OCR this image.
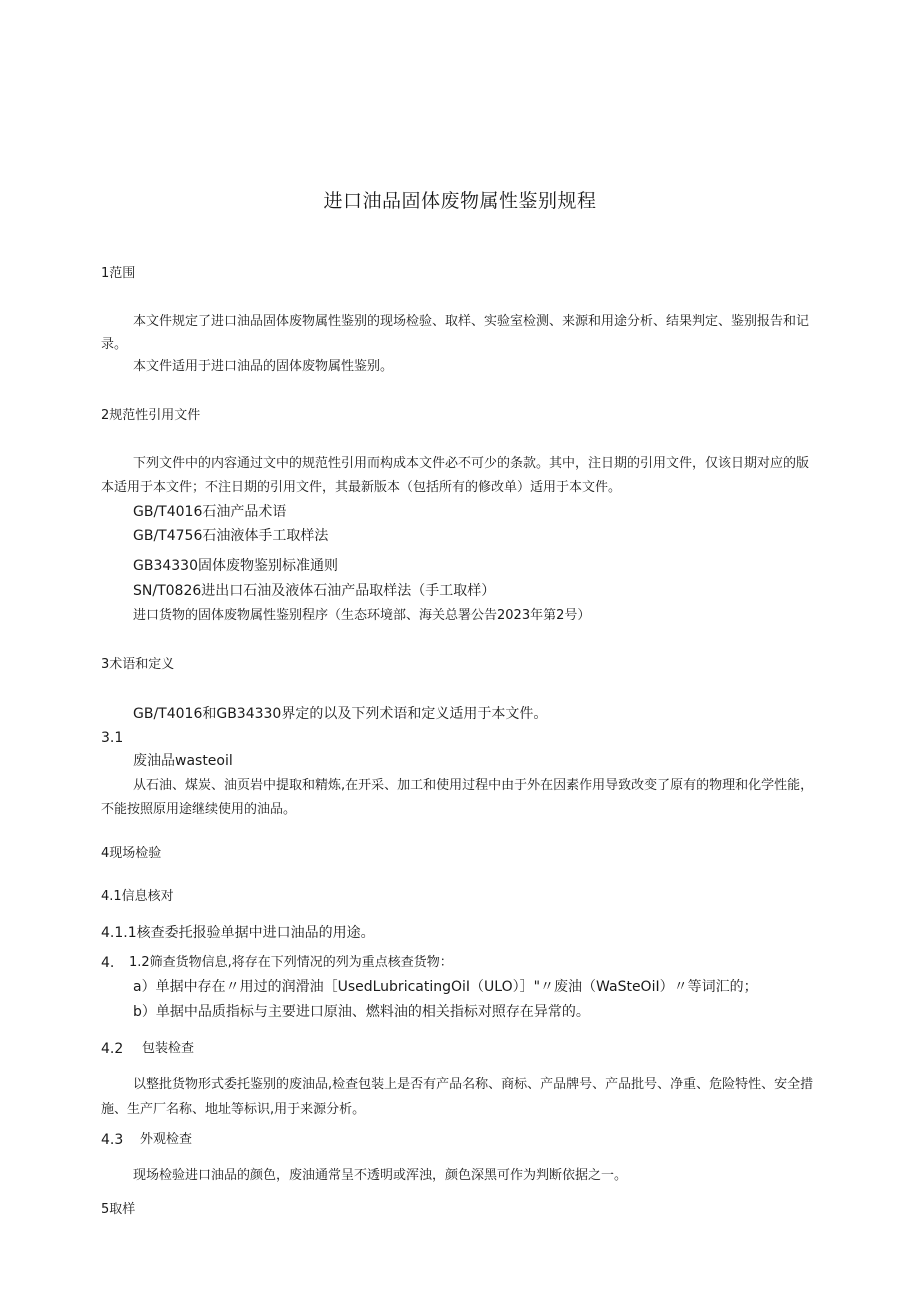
进口油品固体废物属性鉴别规程

1范围

本文件规定了进口油品固体废物属性鉴别的现场检验、取样、实验室检测、来源和用途分析、结果判定、鉴别报告和记

录。

本文件适用于进口油品的固体废物属性鉴别。

2规范性引用文件

下列文件中的内容通过文中的规范性引用而构成本文件必不可少的条款。其中，注日期的引用文件，仅该日期对应的版

本适用于本文件；不注日期的引用文件，其最新版本（包括所有的修改单）适用于本文件。

GB/T4016石油产品术语

GB/T4756石油液体手工取样法

GB34330固体废物鉴别标准通则

SN/T0826进出口石油及液体石油产品取样法（手工取样）

进口货物的固体废物属性鉴别程序（生态环境部、海关总署公告2023年第2号）

3术语和定义

GB/T4016和GB34330界定的以及下列术语和定义适用于本文件。

3.1

废油品wasteoil

从石油、煤炭、油页岩中提取和精炼,在开采、加工和使用过程中由于外在因素作用导致改变了原有的物理和化学性能，

不能按照原用途继续使用的油品。

4现场检验

4.1信息核对

4.1.1核查委托报验单据中进口油品的用途。

4. 1.2筛查货物信息,将存在下列情况的列为重点核查货物：

a）单据中存在〃用过的润滑油［UsedLubricatingOiI（ULO）］"〃废油（WaSteOiI）〃等词汇的；

b）单据中品质指标与主要进口原油、燃料油的相关指标对照存在异常的。

4.2 包装检查

以整批货物形式委托鉴别的废油品,检查包装上是否有产品名称、商标、产品牌号、产品批号、净重、危险特性、安全措

施、生产厂名称、地址等标识,用于来源分析。

4.3 外观检查

现场检验进口油品的颜色，废油通常呈不透明或浑浊，颜色深黑可作为判断依据之一。

5取样
